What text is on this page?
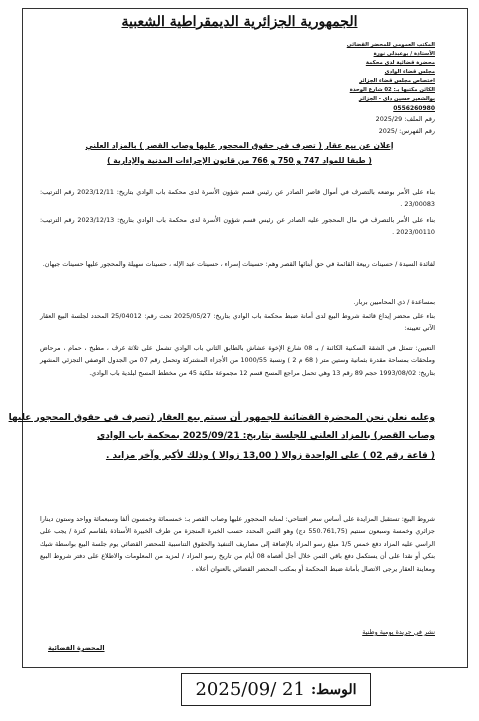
الجمهورية الجزائرية الديمقراطية الشعبية
المكتب العمومي للمحضر القضائي
الأستاذة / بوعبدلي نورة
محضرة قضائية لدى محكمة
مجلس قضاء الوادي
اختصاص مجلس قضاء الجزائر
الكائن مكتبها بـ: 02 شارع الوحدة
بوالشعير حسين داي - الجزائر
0556260980
رقم الملف: 2025/29
رقم الفهرس: /2025
إعلان عن بيع عقار ( تصرف في حقوق المحجور عليها وصاب القصر ) بالمزاد العلني
( طبقا للمواد 747 و 750 و 766 من قانون الإجراءات المدنية والإدارية )
بناء على الأمر بوضعه بالتصرف في أموال قاصر الصادر عن رئيس قسم شؤون الأسرة لدى محكمة باب الوادي بتاريخ: 2023/12/11 رقم الترتيب: 23/00083 .
بناء على الأمر بالتصرف في مال المحجور عليه الصادر عن رئيس قسم شؤون الأسرة لدى محكمة باب الوادي بتاريخ: 2023/12/13 رقم الترتيب: 2023/00110 .
لفائدة السيدة / حسينات ربيعة القائمة في حق أبنائها القصر وهم: حسينات إسراء ، حسينات عبد الإله ، حسينات سهيلة والمحجور عليها حسينات جيهان.
بمساعدة / ذي المحاميين بربار.
بناء على محضر إيداع قائمة شروط البيع لدى أمانة ضبط محكمة باب الوادي بتاريخ: 2025/05/27 تحت رقم: 25/04012 المحدد لجلسة البيع العقار الآتي تعيينه:
التعيين: تتمثل في الشقة السكنية الكائنة / بـ 08 شارع الإخوة عشاش بالطابق الثاني باب الوادي تشمل على ثلاثة غرف ، مطبخ ، حمام ، مرحاض وملحقات بمساحة مقدرة بثمانية وستين متر ( 68 م 2 ) ونسبة 1000/55 من الأجزاء المشتركة وتحمل رقم 07 من الجدول الوصفي التجزئي المشهر بتاريخ: 1993/08/02 حجم 89 رقم 13 وهي تحمل مراجع المسح قسم 12 مجموعة ملكية 45 من مخطط المسح لبلدية باب الوادي.
وعليه نعلن نحن المحضرة القضائية للجمهور أن سيتم بيع العقار (تصرف في حقوق المحجور عليها
وصاب القصر) بالمزاد العلني للجلسة بتاريخ: 2025/09/21 بمحكمة باب الوادي
( قاعة رقم 02 ) على الواحدة زوالا ( 13,00 زوالا ) وذلك لأكبر وآخر مزايد .
شروط البيع: تستقبل المزايدة على أساس سعر افتتاحي: لمنابه المحجور عليها وصاب القصر بـ: خمسمائة وخمسون ألفا وسبعمائة وواحد وستون دينارا جزائري وخمسة وسبعون سنتيم (550.761,75 دج) وهو الثمن المحدد حسب الخبرة المنجزة من طرف الخبيرة الأستاذة بلقاسم كنزة / يجب على الراسي عليه المزاد دفع خمس 1/5 مبلغ رسو المزاد بالإضافة إلى مصاريف التنفيذ والحقوق التناسبية للمحضر القضائي يوم جلسة البيع بواسطة شيك بنكي أو نقدا على أن يستكمل دفع باقي الثمن خلال أجل أقصاه 08 أيام من تاريخ رسو المزاد / لمزيد من المعلومات والاطلاع على دفتر شروط البيع ومعاينة العقار يرجى الاتصال بأمانة ضبط المحكمة أو بمكتب المحضر القضائي بالعنوان أعلاه .
نشر في جريدة يومية وطنية
المحضرة القضائية
2025/09/ 21 الوسط:
